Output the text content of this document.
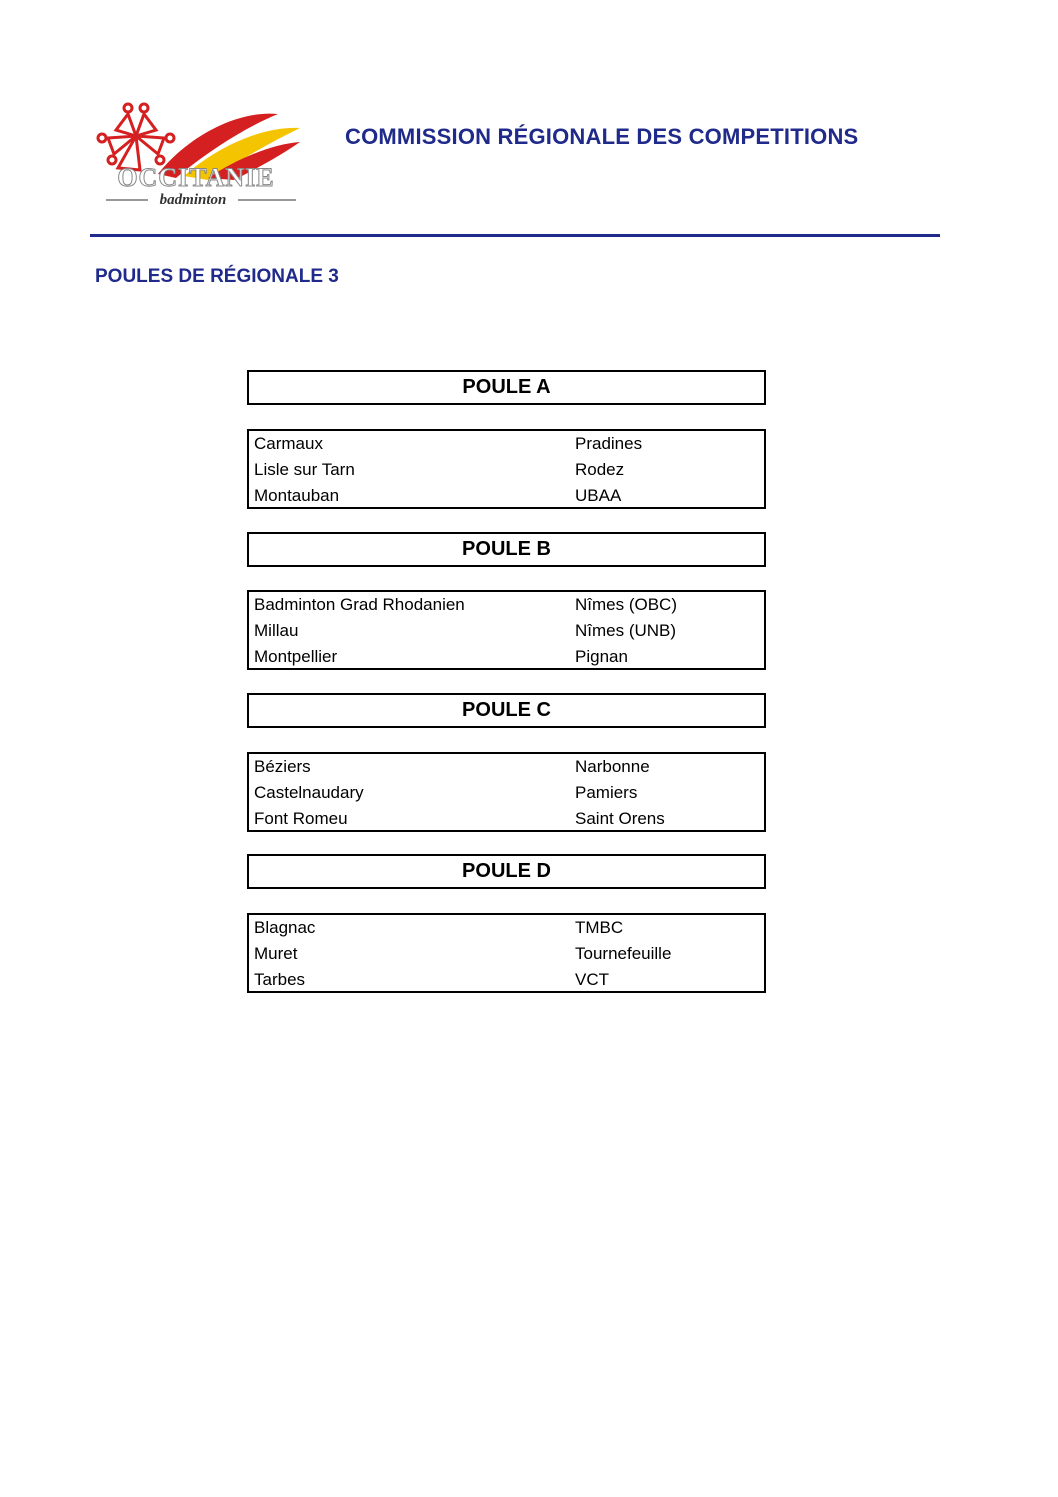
OCCITANIE
badminton
COMMISSION RÉGIONALE DES COMPETITIONS
POULES DE RÉGIONALE 3
POULE A
Carmaux	Pradines
Lisle sur Tarn	Rodez
Montauban	UBAA
POULE B
Badminton Grad Rhodanien	Nîmes (OBC)
Millau	Nîmes (UNB)
Montpellier	Pignan
POULE C
Béziers	Narbonne
Castelnaudary	Pamiers
Font Romeu	Saint Orens
POULE D
Blagnac	TMBC
Muret	Tournefeuille
Tarbes	VCT
